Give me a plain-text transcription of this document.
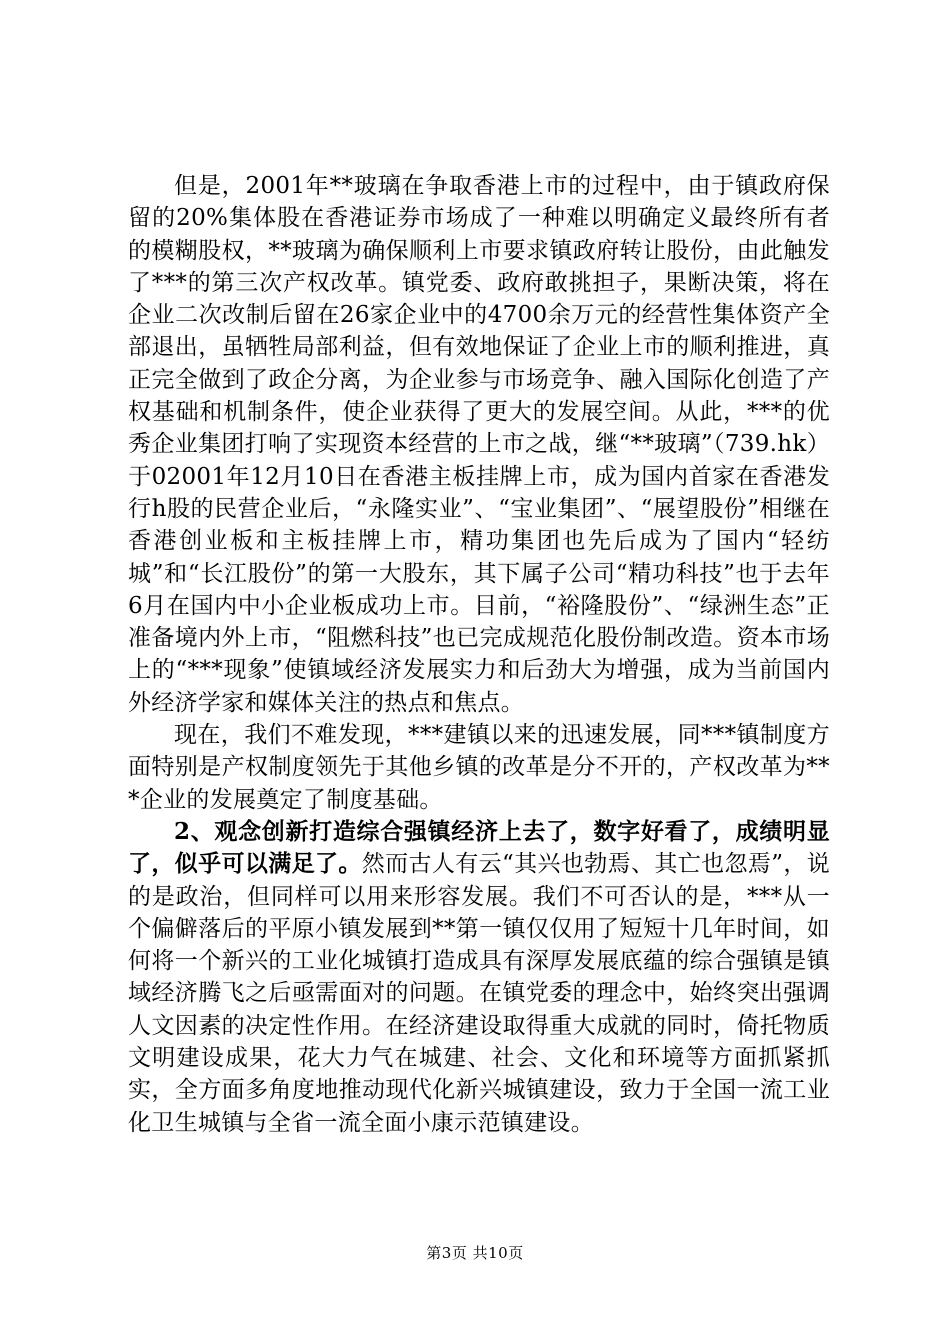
但是，2001年**玻璃在争取香港上市的过程中，由于镇政府保留的20%集体股在香港证券市场成了一种难以明确定义最终所有者的模糊股权，**玻璃为确保顺利上市要求镇政府转让股份，由此触发了***的第三次产权改革。镇党委、政府敢挑担子，果断决策，将在企业二次改制后留在26家企业中的4700余万元的经营性集体资产全部退出，虽牺牲局部利益，但有效地保证了企业上市的顺利推进，真正完全做到了政企分离，为企业参与市场竞争、融入国际化创造了产权基础和机制条件，使企业获得了更大的发展空间。从此，***的优秀企业集团打响了实现资本经营的上市之战，继“**玻璃”（739.hk）于02001年12月10日在香港主板挂牌上市，成为国内首家在香港发行h股的民营企业后，“永隆实业”、“宝业集团”、“展望股份”相继在香港创业板和主板挂牌上市，精功集团也先后成为了国内“轻纺城”和“长江股份”的第一大股东，其下属子公司“精功科技”也于去年6月在国内中小企业板成功上市。目前，“裕隆股份”、“绿洲生态”正准备境内外上市，“阻燃科技”也已完成规范化股份制改造。资本市场上的“***现象”使镇域经济发展实力和后劲大为增强，成为当前国内外经济学家和媒体关注的热点和焦点。

现在，我们不难发现，***建镇以来的迅速发展，同***镇制度方面特别是产权制度领先于其他乡镇的改革是分不开的，产权改革为***企业的发展奠定了制度基础。

2、观念创新打造综合强镇经济上去了，数字好看了，成绩明显了，似乎可以满足了。然而古人有云“其兴也勃焉、其亡也忽焉”，说的是政治，但同样可以用来形容发展。我们不可否认的是，***从一个偏僻落后的平原小镇发展到**第一镇仅仅用了短短十几年时间，如何将一个新兴的工业化城镇打造成具有深厚发展底蕴的综合强镇是镇域经济腾飞之后亟需面对的问题。在镇党委的理念中，始终突出强调人文因素的决定性作用。在经济建设取得重大成就的同时，倚托物质文明建设成果，花大力气在城建、社会、文化和环境等方面抓紧抓实，全方面多角度地推动现代化新兴城镇建设，致力于全国一流工业化卫生城镇与全省一流全面小康示范镇建设。

第3页 共10页
